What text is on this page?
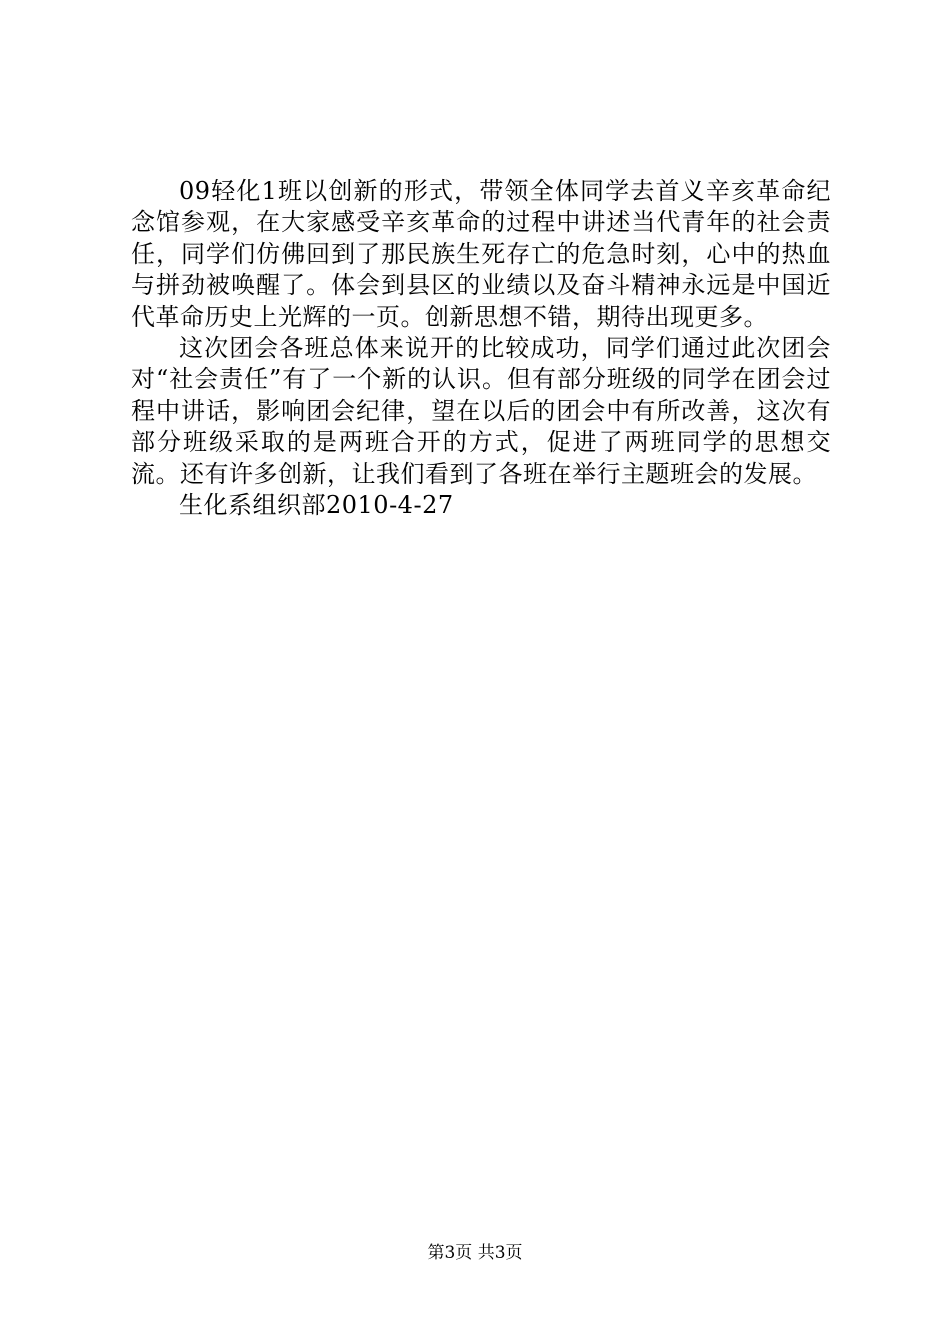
09轻化1班以创新的形式，带领全体同学去首义辛亥革命纪念馆参观，在大家感受辛亥革命的过程中讲述当代青年的社会责任，同学们仿佛回到了那民族生死存亡的危急时刻，心中的热血与拼劲被唤醒了。体会到县区的业绩以及奋斗精神永远是中国近代革命历史上光辉的一页。创新思想不错，期待出现更多。

这次团会各班总体来说开的比较成功，同学们通过此次团会对“社会责任”有了一个新的认识。但有部分班级的同学在团会过程中讲话，影响团会纪律，望在以后的团会中有所改善，这次有部分班级采取的是两班合开的方式，促进了两班同学的思想交流。还有许多创新，让我们看到了各班在举行主题班会的发展。

生化系组织部2010-4-27

第3页 共3页
